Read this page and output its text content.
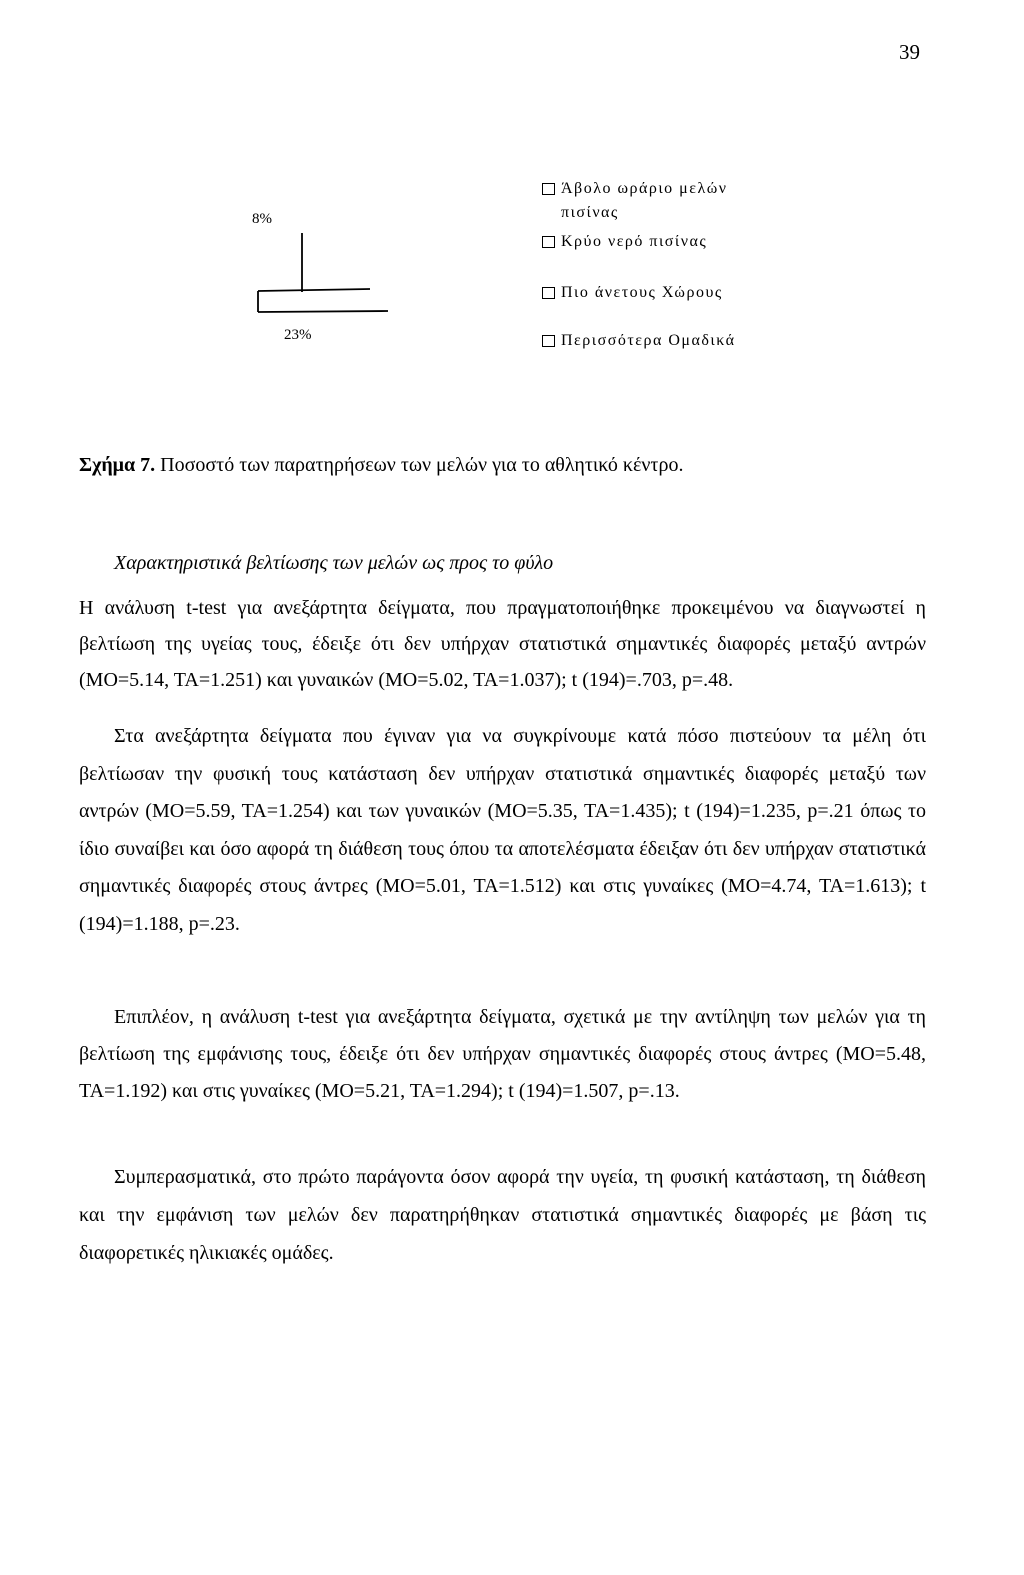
39
8%
23%
Άβολο ωράριο μελών πισίνας
Κρύο νερό πισίνας
Πιο άνετους Χώρους
Περισσότερα Ομαδικά
Σχήμα 7. Ποσοστό των παρατηρήσεων των μελών για το αθλητικό κέντρο.
Χαρακτηριστικά βελτίωσης των μελών ως προς το φύλο

Η ανάλυση t-test για ανεξάρτητα δείγματα, που πραγματοποιήθηκε προκειμένου να διαγνωστεί η βελτίωση της υγείας τους, έδειξε ότι δεν υπήρχαν στατιστικά σημαντικές διαφορές μεταξύ αντρών (ΜΟ=5.14, ΤΑ=1.251) και γυναικών (ΜΟ=5.02, ΤΑ=1.037); t (194)=.703, p=.48.

Στα ανεξάρτητα δείγματα που έγιναν για να συγκρίνουμε κατά πόσο πιστεύουν τα μέλη ότι βελτίωσαν την φυσική τους κατάσταση δεν υπήρχαν στατιστικά σημαντικές διαφορές μεταξύ των αντρών (ΜΟ=5.59, ΤΑ=1.254) και των γυναικών (ΜΟ=5.35, ΤΑ=1.435); t (194)=1.235, p=.21 όπως το ίδιο συναίβει και όσο αφορά τη διάθεση τους όπου τα αποτελέσματα έδειξαν ότι δεν υπήρχαν στατιστικά σημαντικές διαφορές στους άντρες (ΜΟ=5.01, ΤΑ=1.512) και στις γυναίκες (ΜΟ=4.74, ΤΑ=1.613); t (194)=1.188, p=.23.

Επιπλέον, η ανάλυση t-test για ανεξάρτητα δείγματα, σχετικά με την αντίληψη των μελών για τη βελτίωση της εμφάνισης τους, έδειξε ότι δεν υπήρχαν σημαντικές διαφορές στους άντρες (ΜΟ=5.48, ΤΑ=1.192) και στις γυναίκες (ΜΟ=5.21, ΤΑ=1.294); t (194)=1.507, p=.13.

Συμπερασματικά, στο πρώτο παράγοντα όσον αφορά την υγεία, τη φυσική κατάσταση, τη διάθεση και την εμφάνιση των μελών δεν παρατηρήθηκαν στατιστικά σημαντικές διαφορές με βάση τις διαφορετικές ηλικιακές ομάδες.
